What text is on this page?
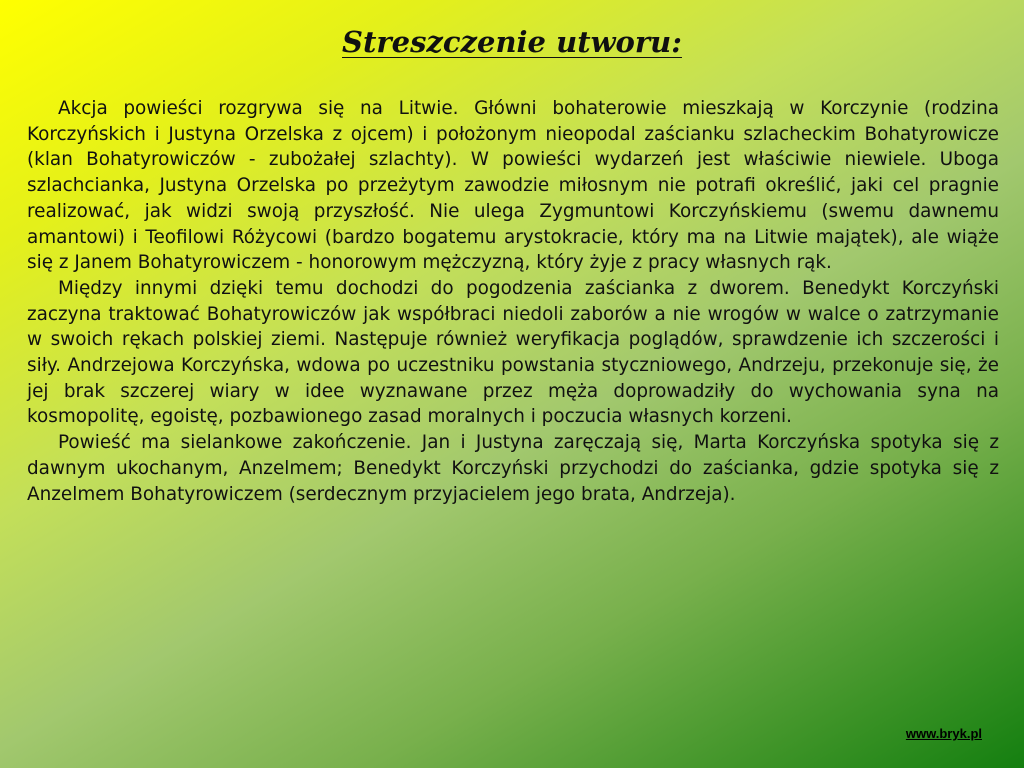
Streszczenie utworu:

Akcja powieści rozgrywa się na Litwie. Główni bohaterowie mieszkają w Korczynie (rodzina Korczyńskich i Justyna Orzelska z ojcem) i położonym nieopodal zaścianku szlacheckim Bohatyrowicze (klan Bohatyrowiczów - zubożałej szlachty). W powieści wydarzeń jest właściwie niewiele. Uboga szlachcianka, Justyna Orzelska po przeżytym zawodzie miłosnym nie potrafi określić, jaki cel pragnie realizować, jak widzi swoją przyszłość. Nie ulega Zygmuntowi Korczyńskiemu (swemu dawnemu amantowi) i Teofilowi Różycowi (bardzo bogatemu arystokracie, który ma na Litwie majątek), ale wiąże się z Janem Bohatyrowiczem - honorowym mężczyzną, który żyje z pracy własnych rąk.

Między innymi dzięki temu dochodzi do pogodzenia zaścianka z dworem. Benedykt Korczyński zaczyna traktować Bohatyrowiczów jak współbraci niedoli zaborów a nie wrogów w walce o zatrzymanie w swoich rękach polskiej ziemi. Następuje również weryfikacja poglądów, sprawdzenie ich szczerości i siły. Andrzejowa Korczyńska, wdowa po uczestniku powstania styczniowego, Andrzeju, przekonuje się, że jej brak szczerej wiary w idee wyznawane przez męża doprowadziły do wychowania syna na kosmopolitę, egoistę, pozbawionego zasad moralnych i poczucia własnych korzeni.

Powieść ma sielankowe zakończenie. Jan i Justyna zaręczają się, Marta Korczyńska spotyka się z dawnym ukochanym, Anzelmem; Benedykt Korczyński przychodzi do zaścianka, gdzie spotyka się z Anzelmem Bohatyrowiczem (serdecznym przyjacielem jego brata, Andrzeja).

www.bryk.pl
